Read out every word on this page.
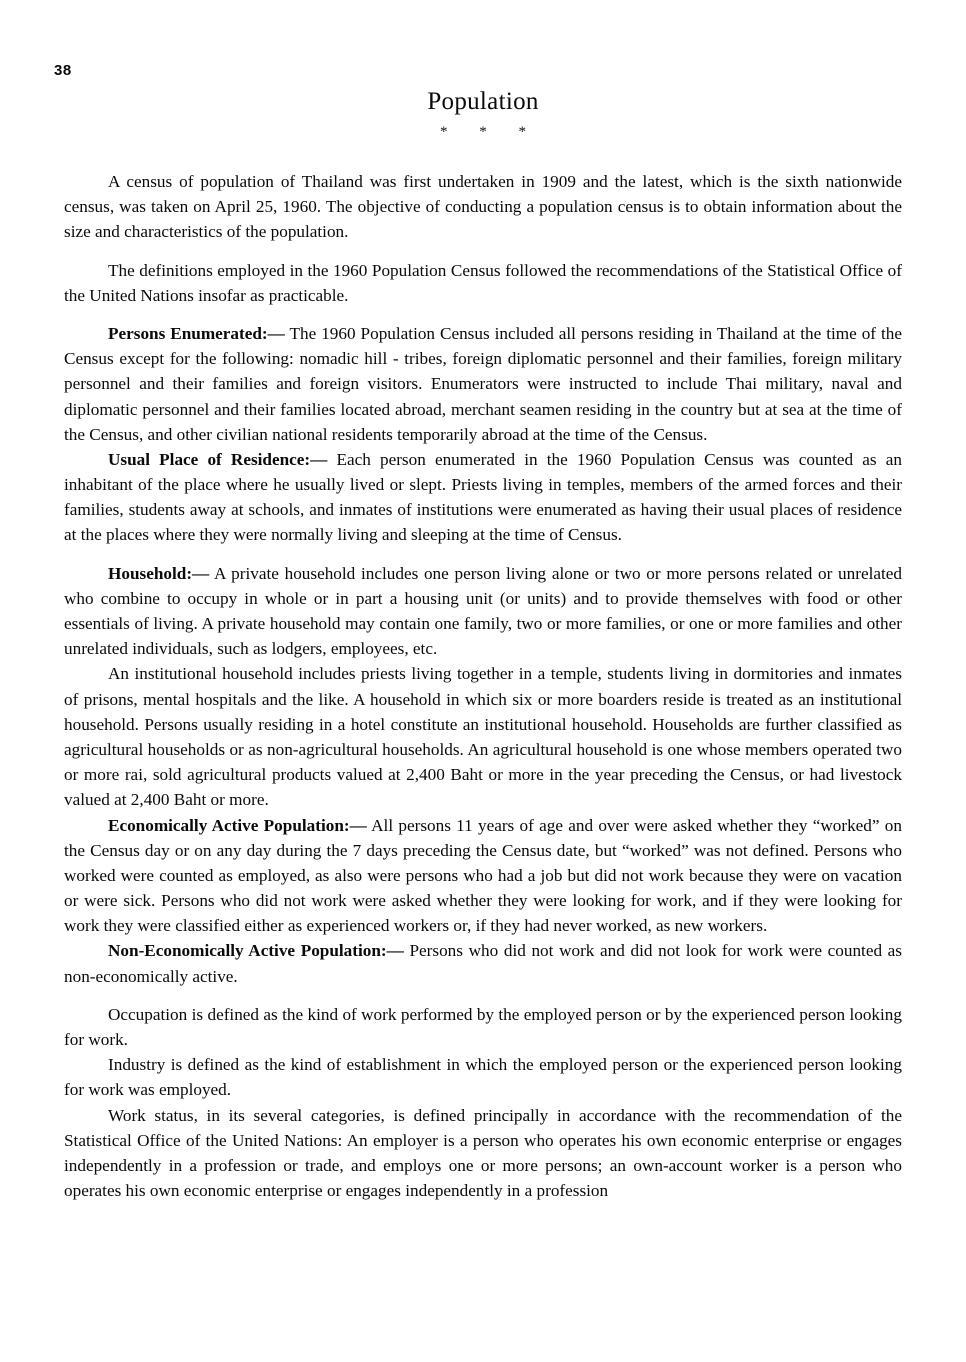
38
Population
* * *

A census of population of Thailand was first undertaken in 1909 and the latest, which is the sixth nationwide census, was taken on April 25, 1960. The objective of conducting a population census is to obtain information about the size and characteristics of the population.

The definitions employed in the 1960 Population Census followed the recommendations of the Statistical Office of the United Nations insofar as practicable.

Persons Enumerated:— The 1960 Population Census included all persons residing in Thailand at the time of the Census except for the following: nomadic hill - tribes, foreign diplomatic personnel and their families, foreign military personnel and their families and foreign visitors. Enumerators were instructed to include Thai military, naval and diplomatic personnel and their families located abroad, merchant seamen residing in the country but at sea at the time of the Census, and other civilian national residents temporarily abroad at the time of the Census.

Usual Place of Residence:— Each person enumerated in the 1960 Population Census was counted as an inhabitant of the place where he usually lived or slept. Priests living in temples, members of the armed forces and their families, students away at schools, and inmates of institutions were enumerated as having their usual places of residence at the places where they were normally living and sleeping at the time of Census.

Household:— A private household includes one person living alone or two or more persons related or unrelated who combine to occupy in whole or in part a housing unit (or units) and to provide themselves with food or other essentials of living. A private household may contain one family, two or more families, or one or more families and other unrelated individuals, such as lodgers, employees, etc.

An institutional household includes priests living together in a temple, students living in dormitories and inmates of prisons, mental hospitals and the like. A household in which six or more boarders reside is treated as an institutional household. Persons usually residing in a hotel constitute an institutional household. Households are further classified as agricultural households or as non-agricultural households. An agricultural household is one whose members operated two or more rai, sold agricultural products valued at 2,400 Baht or more in the year preceding the Census, or had livestock valued at 2,400 Baht or more.

Economically Active Population:— All persons 11 years of age and over were asked whether they “worked” on the Census day or on any day during the 7 days preceding the Census date, but “worked” was not defined. Persons who worked were counted as employed, as also were persons who had a job but did not work because they were on vacation or were sick. Persons who did not work were asked whether they were looking for work, and if they were looking for work they were classified either as experienced workers or, if they had never worked, as new workers.

Non-Economically Active Population:— Persons who did not work and did not look for work were counted as non-economically active.

Occupation is defined as the kind of work performed by the employed person or by the experienced person looking for work.

Industry is defined as the kind of establishment in which the employed person or the experienced person looking for work was employed.

Work status, in its several categories, is defined principally in accordance with the recommendation of the Statistical Office of the United Nations: An employer is a person who operates his own economic enterprise or engages independently in a profession or trade, and employs one or more persons; an own-account worker is a person who operates his own economic enterprise or engages independently in a profession
